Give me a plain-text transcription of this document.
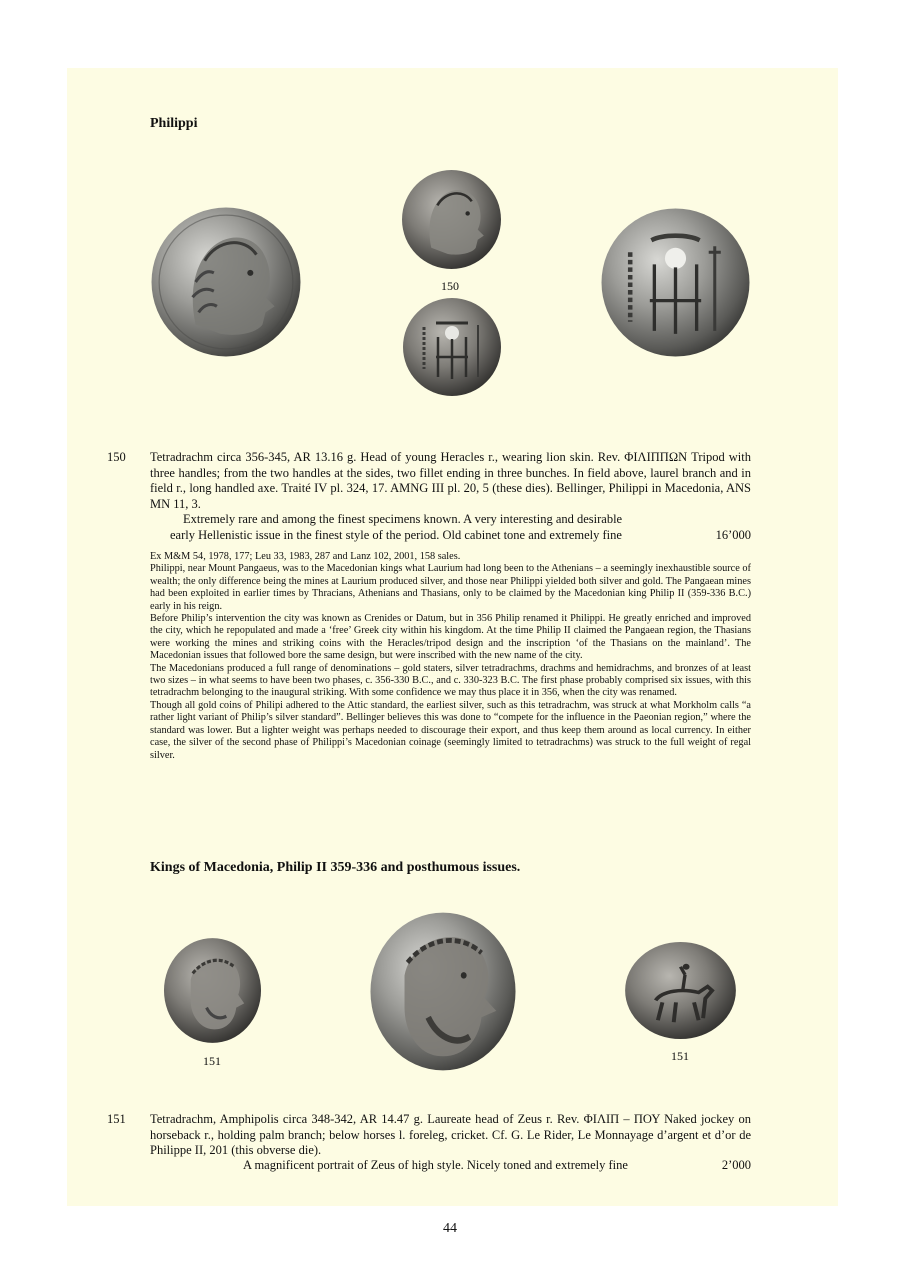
Philippi
150
150 Tetradrachm circa 356-345, AR 13.16 g. Head of young Heracles r., wearing lion skin. Rev. ΦΙΛΙΠΠΩΝ Tripod with three handles; from the two handles at the sides, two fillet ending in three bunches. In field above, laurel branch and in field r., long handled axe. Traité IV pl. 324, 17. AMNG III pl. 20, 5 (these dies). Bellinger, Philippi in Macedonia, ANS MN 11, 3.
Extremely rare and among the finest specimens known. A very interesting and desirable
early Hellenistic issue in the finest style of the period. Old cabinet tone and extremely fine	16’000

Ex M&M 54, 1978, 177; Leu 33, 1983, 287 and Lanz 102, 2001, 158 sales.

Philippi, near Mount Pangaeus, was to the Macedonian kings what Laurium had long been to the Athenians – a seemingly inexhaustible source of wealth; the only difference being the mines at Laurium produced silver, and those near Philippi yielded both silver and gold. The Pangaean mines had been exploited in earlier times by Thracians, Athenians and Thasians, only to be claimed by the Macedonian king Philip II (359-336 B.C.) early in his reign.

Before Philip’s intervention the city was known as Crenides or Datum, but in 356 Philip renamed it Philippi. He greatly enriched and improved the city, which he repopulated and made a ‘free’ Greek city within his kingdom. At the time Philip II claimed the Pangaean region, the Thasians were working the mines and striking coins with the Heracles/tripod design and the inscription ‘of the Thasians on the mainland’. The Macedonian issues that followed bore the same design, but were inscribed with the new name of the city.

The Macedonians produced a full range of denominations – gold staters, silver tetradrachms, drachms and hemidrachms, and bronzes of at least two sizes – in what seems to have been two phases, c. 356-330 B.C., and c. 330-323 B.C. The first phase probably comprised six issues, with this tetradrachm belonging to the inaugural striking. With some confidence we may thus place it in 356, when the city was renamed.

Though all gold coins of Philipi adhered to the Attic standard, the earliest silver, such as this tetradrachm, was struck at what Morkholm calls “a rather light variant of Philip’s silver standard”. Bellinger believes this was done to “compete for the influence in the Paeonian region,” where the standard was lower. But a lighter weight was perhaps needed to discourage their export, and thus keep them around as local currency. In either case, the silver of the second phase of Philippi’s Macedonian coinage (seemingly limited to tetradrachms) was struck to the full weight of regal silver.

Kings of Macedonia, Philip II 359-336 and posthumous issues.
151	151
151 Tetradrachm, Amphipolis circa 348-342, AR 14.47 g. Laureate head of Zeus r. Rev. ΦΙΛΙΠ – ΠΟΥ Naked jockey on horseback r., holding palm branch; below horses l. foreleg, cricket. Cf. G. Le Rider, Le Monnayage d’argent et d’or de Philippe II, 201 (this obverse die).
A magnificent portrait of Zeus of high style. Nicely toned and extremely fine	2’000
44
